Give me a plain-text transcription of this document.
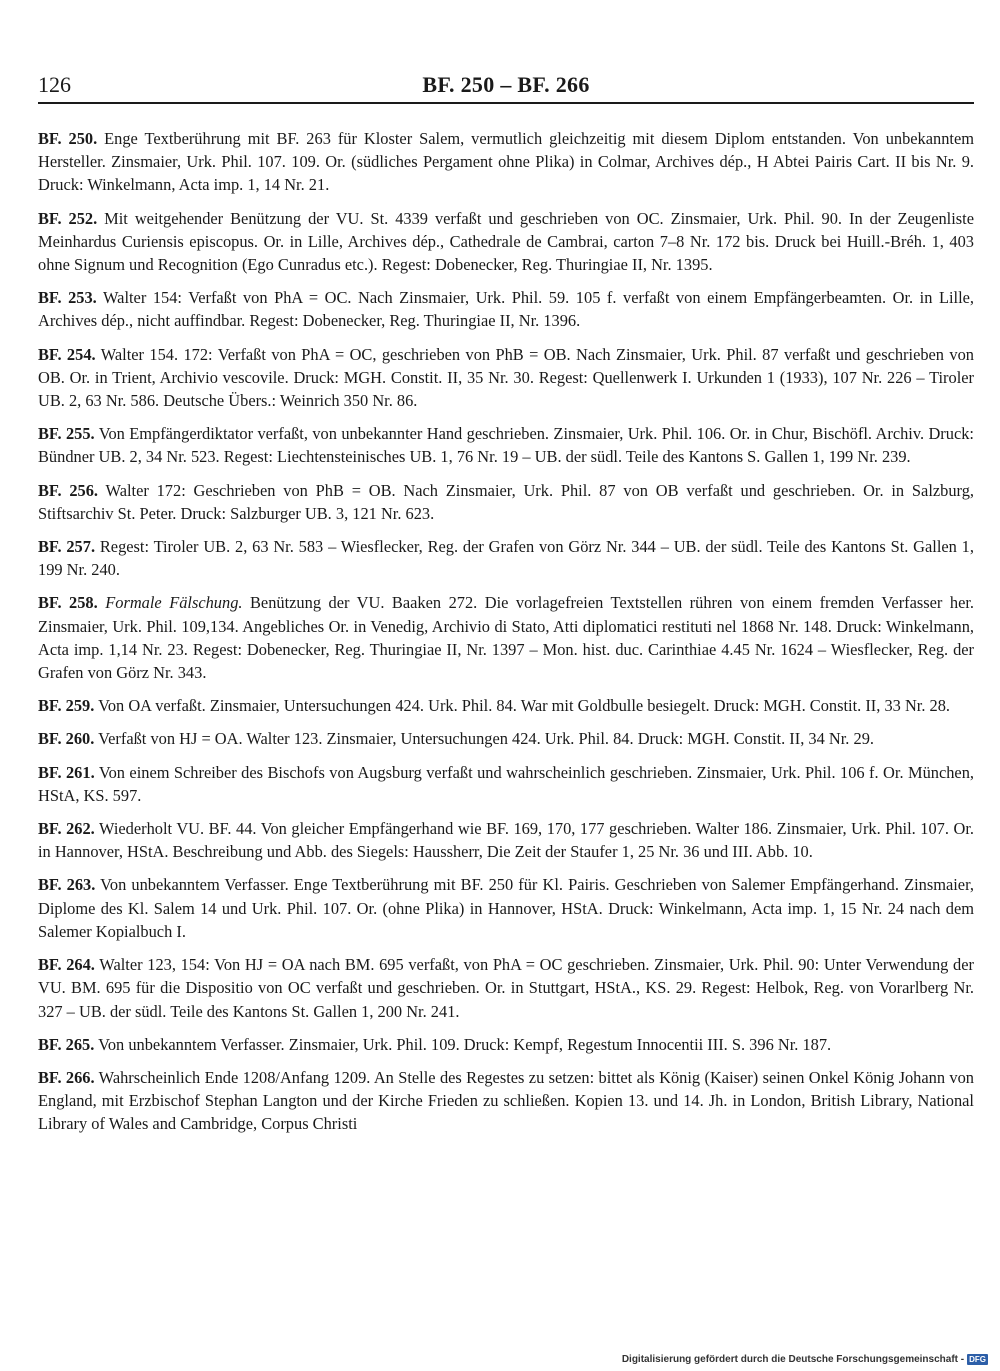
126	BF. 250 – BF. 266

BF. 250. Enge Textberührung mit BF. 263 für Kloster Salem, vermutlich gleichzeitig mit diesem Diplom entstanden. Von unbekanntem Hersteller. Zinsmaier, Urk. Phil. 107. 109. Or. (südliches Pergament ohne Plika) in Colmar, Archives dép., H Abtei Pairis Cart. II bis Nr. 9. Druck: Winkelmann, Acta imp. 1, 14 Nr. 21.

BF. 252. Mit weitgehender Benützung der VU. St. 4339 verfaßt und geschrieben von OC. Zinsmaier, Urk. Phil. 90. In der Zeugenliste Meinhardus Curiensis episcopus. Or. in Lille, Archives dép., Cathedrale de Cambrai, carton 7–8 Nr. 172 bis. Druck bei Huill.-Bréh. 1, 403 ohne Signum und Recognition (Ego Cunradus etc.). Regest: Dobenecker, Reg. Thuringiae II, Nr. 1395.

BF. 253. Walter 154: Verfaßt von PhA = OC. Nach Zinsmaier, Urk. Phil. 59. 105 f. verfaßt von einem Empfängerbeamten. Or. in Lille, Archives dép., nicht auffindbar. Regest: Dobenecker, Reg. Thuringiae II, Nr. 1396.

BF. 254. Walter 154. 172: Verfaßt von PhA = OC, geschrieben von PhB = OB. Nach Zinsmaier, Urk. Phil. 87 verfaßt und geschrieben von OB. Or. in Trient, Archivio vescovile. Druck: MGH. Constit. II, 35 Nr. 30. Regest: Quellenwerk I. Urkunden 1 (1933), 107 Nr. 226 – Tiroler UB. 2, 63 Nr. 586. Deutsche Übers.: Weinrich 350 Nr. 86.

BF. 255. Von Empfängerdiktator verfaßt, von unbekannter Hand geschrieben. Zinsmaier, Urk. Phil. 106. Or. in Chur, Bischöfl. Archiv. Druck: Bündner UB. 2, 34 Nr. 523. Regest: Liechtensteinisches UB. 1, 76 Nr. 19 – UB. der südl. Teile des Kantons S. Gallen 1, 199 Nr. 239.

BF. 256. Walter 172: Geschrieben von PhB = OB. Nach Zinsmaier, Urk. Phil. 87 von OB verfaßt und geschrieben. Or. in Salzburg, Stiftsarchiv St. Peter. Druck: Salzburger UB. 3, 121 Nr. 623.

BF. 257. Regest: Tiroler UB. 2, 63 Nr. 583 – Wiesflecker, Reg. der Grafen von Görz Nr. 344 – UB. der südl. Teile des Kantons St. Gallen 1, 199 Nr. 240.

BF. 258. Formale Fälschung. Benützung der VU. Baaken 272. Die vorlagefreien Textstellen rühren von einem fremden Verfasser her. Zinsmaier, Urk. Phil. 109,134. Angebliches Or. in Venedig, Archivio di Stato, Atti diplomatici restituti nel 1868 Nr. 148. Druck: Winkelmann, Acta imp. 1,14 Nr. 23. Regest: Dobenecker, Reg. Thuringiae II, Nr. 1397 – Mon. hist. duc. Carinthiae 4.45 Nr. 1624 – Wiesflecker, Reg. der Grafen von Görz Nr. 343.

BF. 259. Von OA verfaßt. Zinsmaier, Untersuchungen 424. Urk. Phil. 84. War mit Goldbulle besiegelt. Druck: MGH. Constit. II, 33 Nr. 28.

BF. 260. Verfaßt von HJ = OA. Walter 123. Zinsmaier, Untersuchungen 424. Urk. Phil. 84. Druck: MGH. Constit. II, 34 Nr. 29.

BF. 261. Von einem Schreiber des Bischofs von Augsburg verfaßt und wahrscheinlich geschrieben. Zinsmaier, Urk. Phil. 106 f. Or. München, HStA, KS. 597.

BF. 262. Wiederholt VU. BF. 44. Von gleicher Empfängerhand wie BF. 169, 170, 177 geschrieben. Walter 186. Zinsmaier, Urk. Phil. 107. Or. in Hannover, HStA. Beschreibung und Abb. des Siegels: Haussherr, Die Zeit der Staufer 1, 25 Nr. 36 und III. Abb. 10.

BF. 263. Von unbekanntem Verfasser. Enge Textberührung mit BF. 250 für Kl. Pairis. Geschrieben von Salemer Empfängerhand. Zinsmaier, Diplome des Kl. Salem 14 und Urk. Phil. 107. Or. (ohne Plika) in Hannover, HStA. Druck: Winkelmann, Acta imp. 1, 15 Nr. 24 nach dem Salemer Kopialbuch I.

BF. 264. Walter 123, 154: Von HJ = OA nach BM. 695 verfaßt, von PhA = OC geschrieben. Zinsmaier, Urk. Phil. 90: Unter Verwendung der VU. BM. 695 für die Dispositio von OC verfaßt und geschrieben. Or. in Stuttgart, HStA., KS. 29. Regest: Helbok, Reg. von Vorarlberg Nr. 327 – UB. der südl. Teile des Kantons St. Gallen 1, 200 Nr. 241.

BF. 265. Von unbekanntem Verfasser. Zinsmaier, Urk. Phil. 109. Druck: Kempf, Regestum Innocentii III. S. 396 Nr. 187.

BF. 266. Wahrscheinlich Ende 1208/Anfang 1209. An Stelle des Regestes zu setzen: bittet als König (Kaiser) seinen Onkel König Johann von England, mit Erzbischof Stephan Langton und der Kirche Frieden zu schließen. Kopien 13. und 14. Jh. in London, British Library, National Library of Wales and Cambridge, Corpus Christi

Digitalisierung gefördert durch die Deutsche Forschungsgemeinschaft - DFG
